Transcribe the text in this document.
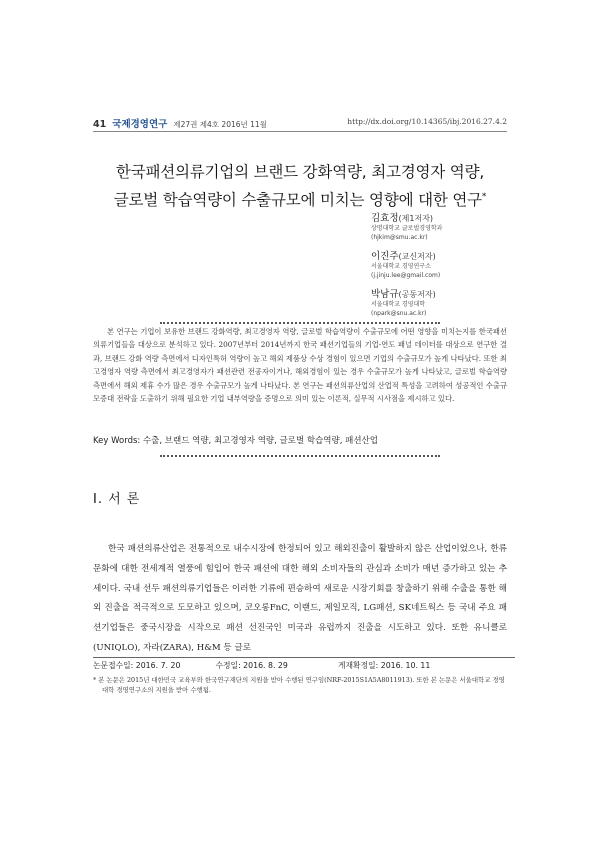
41 국제경영연구 제27권 제4호 2016년 11월	http://dx.doi.org/10.14365/ibj.2016.27.4.2
한국패션의류기업의 브랜드 강화역량, 최고경영자 역량,
글로벌 학습역량이 수출규모에 미치는 영향에 대한 연구*
김효정(제1저자)
상명대학교 글로벌경영학과
(hjkim@smu.ac.kr)
이진주(교신저자)
서울대학교 경영연구소
(j.jinju.lee@gmail.com)
박남규(공동저자)
서울대학교 경영대학
(npark@snu.ac.kr)
본 연구는 기업이 보유한 브랜드 강화역량, 최고경영자 역량, 글로벌 학습역량이 수출규모에 어떤 영향을 미치는지를 한국패션의류기업들을 대상으로 분석하고 있다. 2007년부터 2014년까지 한국 패션기업들의 기업-연도 패널 데이터를 대상으로 연구한 결과, 브랜드 강화 역량 측면에서 디자인특허 역량이 높고 해외 제품상 수상 경험이 있으면 기업의 수출규모가 높게 나타났다. 또한 최고경영자 역량 측면에서 최고경영자가 패션관련 전공자이거나, 해외경험이 있는 경우 수출규모가 높게 나타났고, 글로벌 학습역량 측면에서 해외 제휴 수가 많은 경우 수출규모가 높게 나타났다. 본 연구는 패션의류산업의 산업적 특성을 고려하여 성공적인 수출규모증대 전략을 도출하기 위해 필요한 기업 내부역량을 증명으로 의미 있는 이론적, 실무적 시사점을 제시하고 있다.
Key Words: 수출, 브랜드 역량, 최고경영자 역량, 글로벌 학습역량, 패션산업
Ⅰ. 서 론
한국 패션의류산업은 전통적으로 내수시장에 한정되어 있고 해외진출이 활발하지 않은 산업이었으나, 한류 문화에 대한 전세계적 열풍에 힘입어 한국 패션에 대한 해외 소비자들의 관심과 소비가 매년 증가하고 있는 추세이다. 국내 선두 패션의류기업들은 이러한 기류에 편승하여 새로운 시장기회를 창출하기 위해 수출을 통한 해외 진출을 적극적으로 도모하고 있으며, 코오롱FnC, 이랜드, 제일모직, LG패션, SK네트웍스 등 국내 주요 패션기업들은 중국시장을 시작으로 패션 선진국인 미국과 유럽까지 진출을 시도하고 있다. 또한 유니클로(UNIQLO), 자라(ZARA), H&M 등 글로
논문접수일: 2016. 7. 20	수정일: 2016. 8. 29	게재확정일: 2016. 10. 11
* 본 논문은 2015년 대한민국 교육부와 한국연구재단의 지원을 받아 수행된 연구임(NRF-2015S1A5A8011913). 또한 본 논문은 서울대학교 경영대학 경영연구소의 지원을 받아 수행됨.
